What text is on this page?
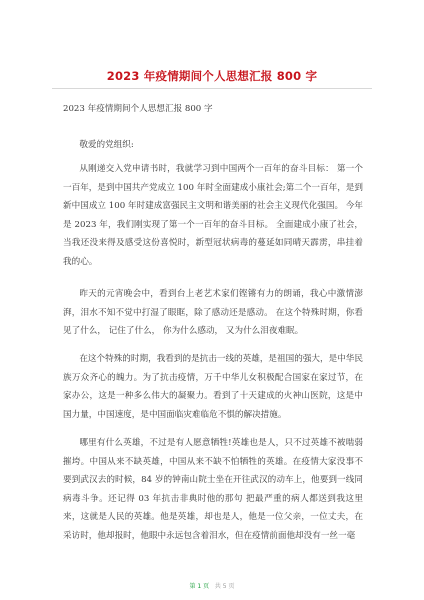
2023 年疫情期间个人思想汇报 800 字
2023 年疫情期间个人思想汇报 800 字
敬爱的党组织:
从刚递交入党申请书时，我就学习到中国两个一百年的奋斗目标： 第一个一百年，是到中国共产党成立 100 年时全面建成小康社会;第二个一百年，是到新中国成立 100 年时建成富强民主文明和谐美丽的社会主义现代化强国。 今年是 2023 年，我们刚实现了第一个一百年的奋斗目标。 全面建成小康了社会，当我还没来得及感受这份喜悦时，新型冠状病毒的蔓延如同晴天霹雳，串挂着我的心。
昨天的元宵晚会中，看到台上老艺术家们铿锵有力的朗诵，我心中激情澎湃，泪水不知不觉中打湿了眼眶，除了感动还是感动。 在这个特殊时期，你看见了什么， 记住了什么， 你为什么感动， 又为什么泪夜难眠。
在这个特殊的时期，我看到的是抗击一线的英雄，是祖国的强大，是中华民族万众齐心的魄力。为了抗击疫情，万千中华儿女积极配合国家在家过节，在家办公，这是一种多么伟大的凝聚力。看到了十天建成的火神山医院，这是中国力量，中国速度，是中国面临灾难临危不惧的解决措施。
哪里有什么英雄，不过是有人愿意牺牲!英雄也是人，只不过英雄不被啮弱摧垮。中国从来不缺英雄，中国从来不缺不怕牺牲的英雄。在疫情大家没事不要到武汉去的时候，84 岁的钟南山院士坐在开往武汉的动车上，他要到一线同病毒斗争。还记得 03 年抗击非典时他的那句 把最严重的病人都送到我这里来，这就是人民的英雄。他是英雄，却也是人，他是一位父亲，一位丈夫，在采访时，他却报时，他眼中永远包含着泪水，但在疫情前面他却没有一丝一毫
第 1 页 共 5 页
